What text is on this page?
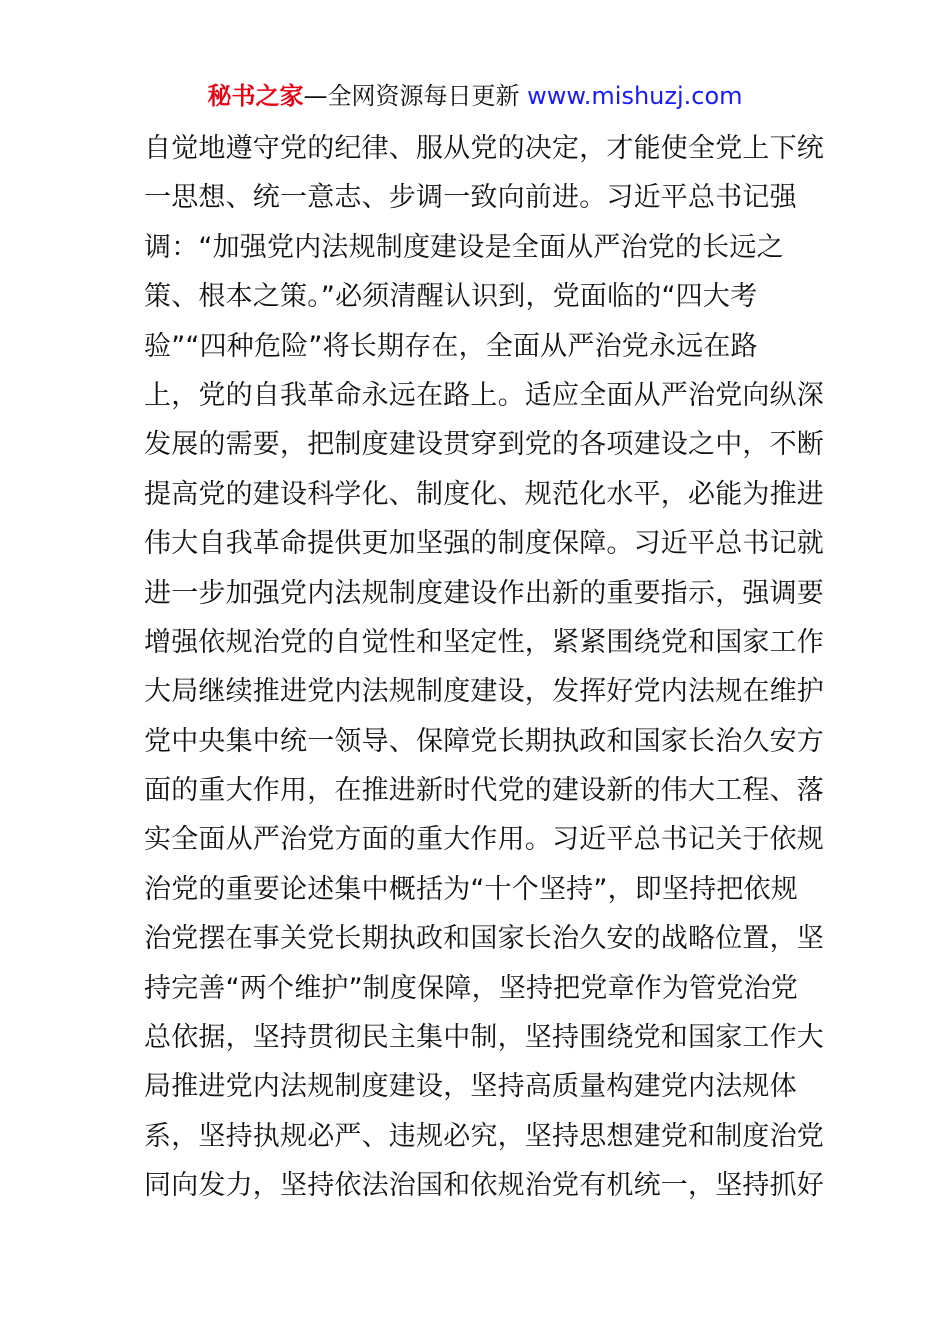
秘书之家—全网资源每日更新 www.mishuzj.com
自觉地遵守党的纪律、服从党的决定，才能使全党上下统
一思想、统一意志、步调一致向前进。习近平总书记强
调：“加强党内法规制度建设是全面从严治党的长远之
策、根本之策。”必须清醒认识到，党面临的“四大考
验”“四种危险”将长期存在，全面从严治党永远在路
上，党的自我革命永远在路上。适应全面从严治党向纵深
发展的需要，把制度建设贯穿到党的各项建设之中，不断
提高党的建设科学化、制度化、规范化水平，必能为推进
伟大自我革命提供更加坚强的制度保障。习近平总书记就
进一步加强党内法规制度建设作出新的重要指示，强调要
增强依规治党的自觉性和坚定性，紧紧围绕党和国家工作
大局继续推进党内法规制度建设，发挥好党内法规在维护
党中央集中统一领导、保障党长期执政和国家长治久安方
面的重大作用，在推进新时代党的建设新的伟大工程、落
实全面从严治党方面的重大作用。习近平总书记关于依规
治党的重要论述集中概括为“十个坚持”，即坚持把依规
治党摆在事关党长期执政和国家长治久安的战略位置，坚
持完善“两个维护”制度保障，坚持把党章作为管党治党
总依据，坚持贯彻民主集中制，坚持围绕党和国家工作大
局推进党内法规制度建设，坚持高质量构建党内法规体
系，坚持执规必严、违规必究，坚持思想建党和制度治党
同向发力，坚持依法治国和依规治党有机统一，坚持抓好
